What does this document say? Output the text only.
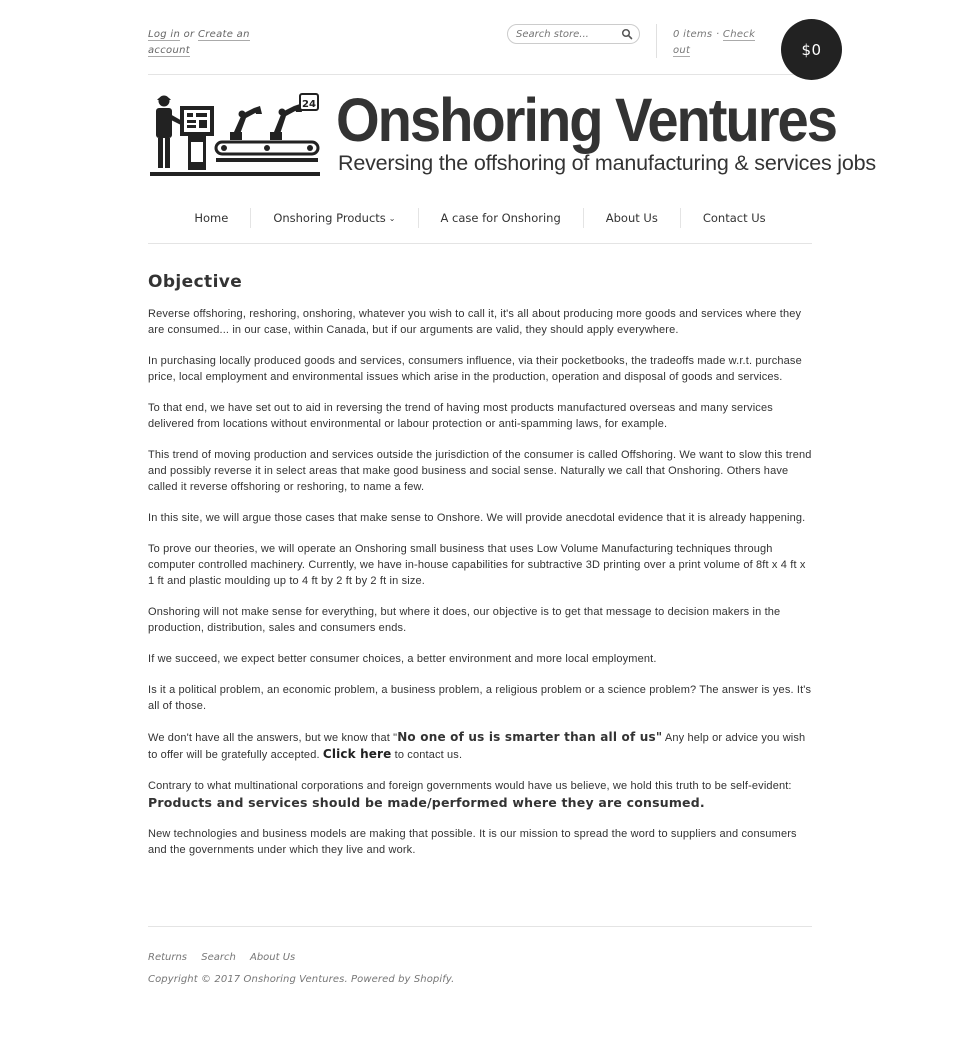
Log in or Create an account
Search store...
0 items · Check out	$0
24 Onshoring Ventures
Reversing the offshoring of manufacturing & services jobs
Home	Onshoring Products ⌄	A case for Onshoring	About Us	Contact Us
Objective

Reverse offshoring, reshoring, onshoring, whatever you wish to call it, it's all about producing more goods and services where they are consumed... in our case, within Canada, but if our arguments are valid, they should apply everywhere.

In purchasing locally produced goods and services, consumers influence, via their pocketbooks, the tradeoffs made w.r.t. purchase price, local employment and environmental issues which arise in the production, operation and disposal of goods and services.

To that end, we have set out to aid in reversing the trend of having most products manufactured overseas and many services delivered from locations without environmental or labour protection or anti-spamming laws, for example.

This trend of moving production and services outside the jurisdiction of the consumer is called Offshoring. We want to slow this trend and possibly reverse it in select areas that make good business and social sense. Naturally we call that Onshoring. Others have called it reverse offshoring or reshoring, to name a few.

In this site, we will argue those cases that make sense to Onshore. We will provide anecdotal evidence that it is already happening.

To prove our theories, we will operate an Onshoring small business that uses Low Volume Manufacturing techniques through computer controlled machinery. Currently, we have in-house capabilities for subtractive 3D printing over a print volume of 8ft x 4 ft x 1 ft and plastic moulding up to 4 ft by 2 ft by 2 ft in size.

Onshoring will not make sense for everything, but where it does, our objective is to get that message to decision makers in the production, distribution, sales and consumers ends.

If we succeed, we expect better consumer choices, a better environment and more local employment.

Is it a political problem, an economic problem, a business problem, a religious problem or a science problem? The answer is yes. It's all of those.

We don't have all the answers, but we know that "No one of us is smarter than all of us" Any help or advice you wish to offer will be gratefully accepted. Click here to contact us.

Contrary to what multinational corporations and foreign governments would have us believe, we hold this truth to be self-evident:
Products and services should be made/performed where they are consumed.

New technologies and business models are making that possible. It is our mission to spread the word to suppliers and consumers and the governments under which they live and work.

Returns Search About Us
Copyright © 2017 Onshoring Ventures. Powered by Shopify.
